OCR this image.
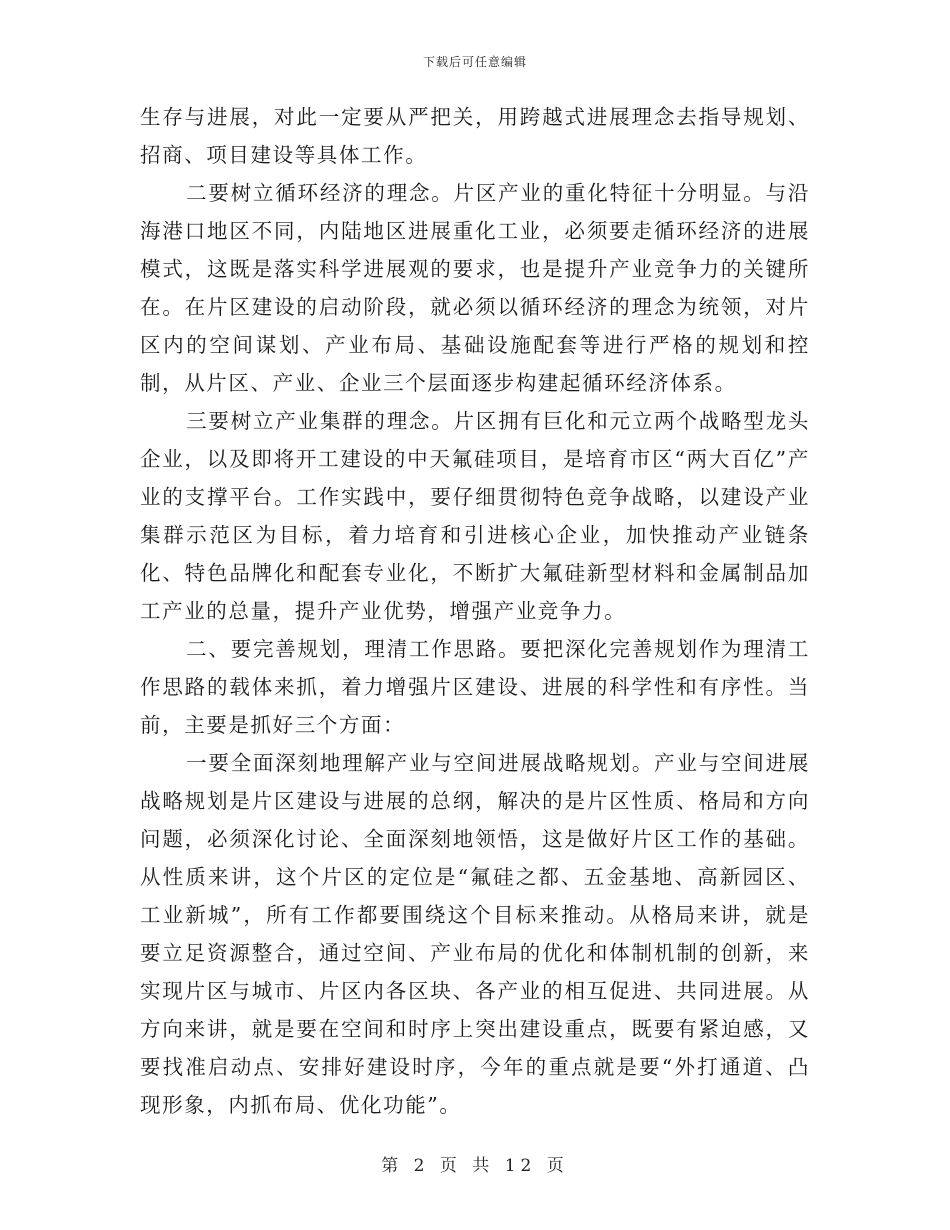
下载后可任意编辑

生存与进展，对此一定要从严把关，用跨越式进展理念去指导规划、招商、项目建设等具体工作。

二要树立循环经济的理念。片区产业的重化特征十分明显。与沿海港口地区不同，内陆地区进展重化工业，必须要走循环经济的进展模式，这既是落实科学进展观的要求，也是提升产业竞争力的关键所在。在片区建设的启动阶段，就必须以循环经济的理念为统领，对片区内的空间谋划、产业布局、基础设施配套等进行严格的规划和控制，从片区、产业、企业三个层面逐步构建起循环经济体系。

三要树立产业集群的理念。片区拥有巨化和元立两个战略型龙头企业，以及即将开工建设的中天氟硅项目，是培育市区“两大百亿”产业的支撑平台。工作实践中，要仔细贯彻特色竞争战略，以建设产业集群示范区为目标，着力培育和引进核心企业，加快推动产业链条化、特色品牌化和配套专业化，不断扩大氟硅新型材料和金属制品加工产业的总量，提升产业优势，增强产业竞争力。

二、要完善规划，理清工作思路。要把深化完善规划作为理清工作思路的载体来抓，着力增强片区建设、进展的科学性和有序性。当前，主要是抓好三个方面：

一要全面深刻地理解产业与空间进展战略规划。产业与空间进展战略规划是片区建设与进展的总纲，解决的是片区性质、格局和方向问题，必须深化讨论、全面深刻地领悟，这是做好片区工作的基础。从性质来讲，这个片区的定位是“氟硅之都、五金基地、高新园区、工业新城”，所有工作都要围绕这个目标来推动。从格局来讲，就是要立足资源整合，通过空间、产业布局的优化和体制机制的创新，来实现片区与城市、片区内各区块、各产业的相互促进、共同进展。从方向来讲，就是要在空间和时序上突出建设重点，既要有紧迫感，又要找准启动点、安排好建设时序，今年的重点就是要“外打通道、凸现形象，内抓布局、优化功能”。

第 2 页 共 12 页
